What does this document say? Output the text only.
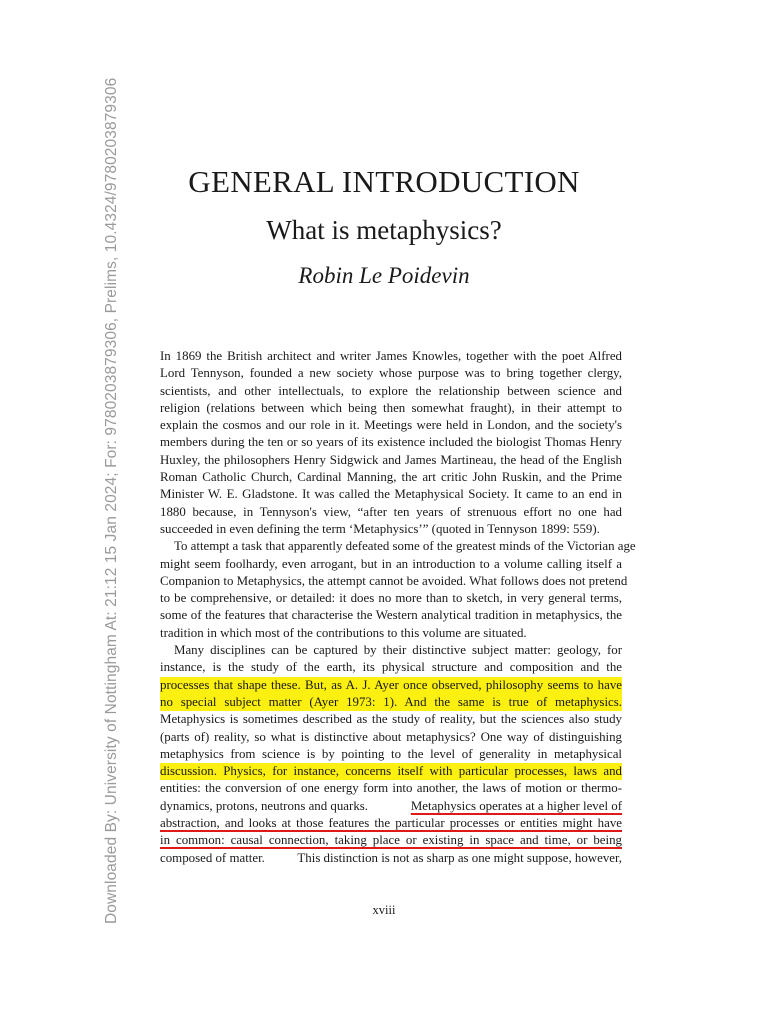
Downloaded By: University of Nottingham At: 21:12 15 Jan 2024; For: 9780203879306, Prelims, 10.4324/9780203879306	GENERAL INTRODUCTION
What is metaphysics?

Robin Le Poidevin

In 1869 the British architect and writer James Knowles, together with the poet Alfred
Lord Tennyson, founded a new society whose purpose was to bring together clergy,
scientists, and other intellectuals, to explore the relationship between science and
religion (relations between which being then somewhat fraught), in their attempt to
explain the cosmos and our role in it. Meetings were held in London, and the society's
members during the ten or so years of its existence included the biologist Thomas Henry
Huxley, the philosophers Henry Sidgwick and James Martineau, the head of the English
Roman Catholic Church, Cardinal Manning, the art critic John Ruskin, and the Prime
Minister W. E. Gladstone. It was called the Metaphysical Society. It came to an end in
1880 because, in Tennyson's view, “after ten years of strenuous effort no one had
succeeded in even defining the term ‘Metaphysics’” (quoted in Tennyson 1899: 559).
To attempt a task that apparently defeated some of the greatest minds of the Victorian age
might seem foolhardy, even arrogant, but in an introduction to a volume calling itself a
Companion to Metaphysics, the attempt cannot be avoided. What follows does not pretend
to be comprehensive, or detailed: it does no more than to sketch, in very general terms,
some of the features that characterise the Western analytical tradition in metaphysics, the
tradition in which most of the contributions to this volume are situated.
Many disciplines can be captured by their distinctive subject matter: geology, for
instance, is the study of the earth, its physical structure and composition and the
processes that shape these. But, as A. J. Ayer once observed, philosophy seems to have
no special subject matter (Ayer 1973: 1). And the same is true of metaphysics.
Metaphysics is sometimes described as the study of reality, but the sciences also study
(parts of) reality, so what is distinctive about metaphysics? One way of distinguishing
metaphysics from science is by pointing to the level of generality in metaphysical
discussion. Physics, for instance, concerns itself with particular processes, laws and
entities: the conversion of one energy form into another, the laws of motion or thermo-
dynamics, protons, neutrons and quarks.	Metaphysics operates at a higher level of
abstraction, and looks at those features the particular processes or entities might have
in common: causal connection, taking place or existing in space and time, or being
composed of matter.	This distinction is not as sharp as one might suppose, however,

xviii
